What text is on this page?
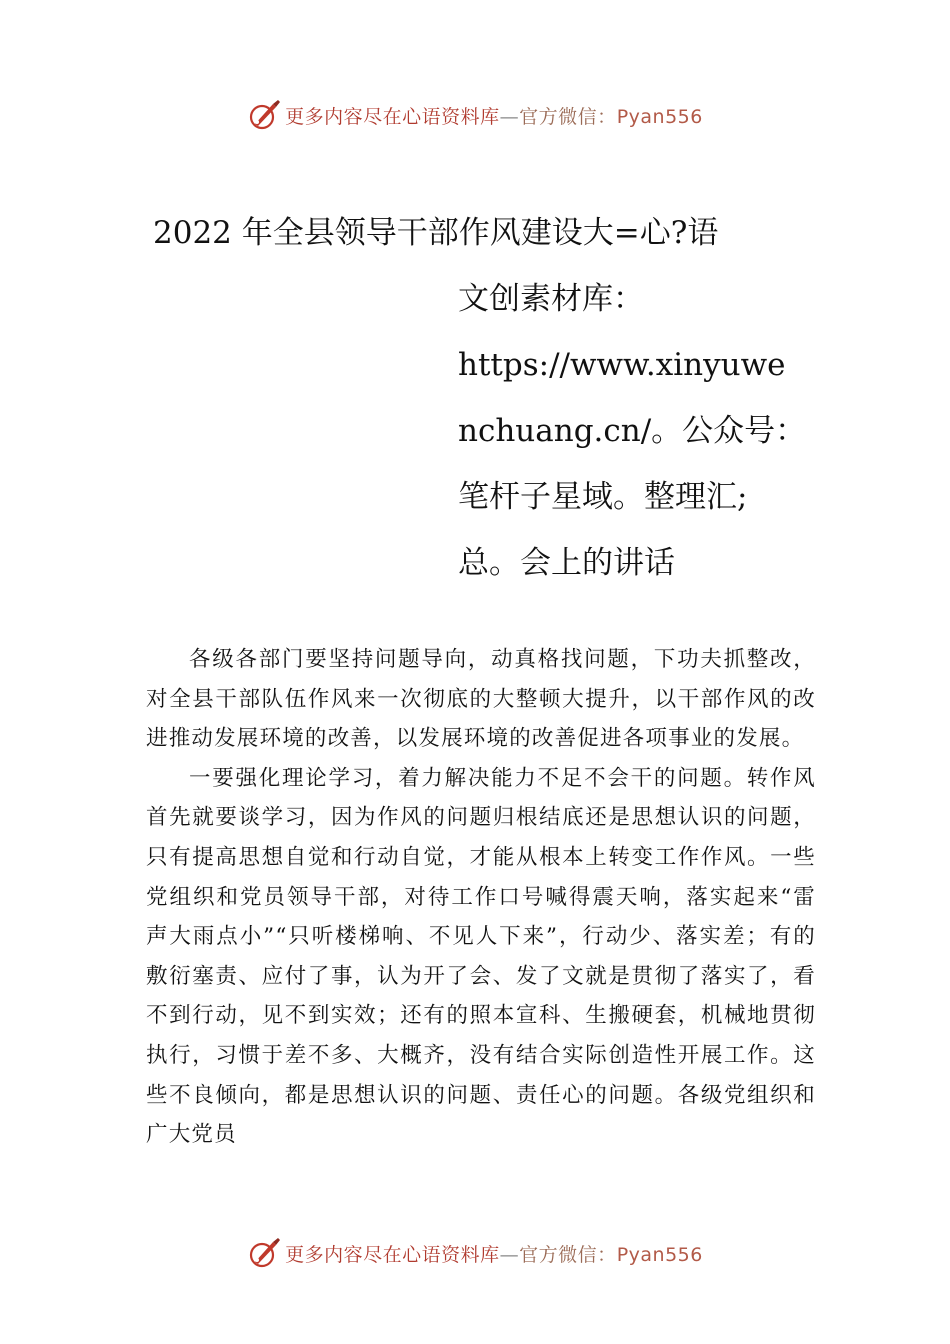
更多内容尽在心语资料库—官方微信：Pyan556
2022 年全县领导干部作风建设大=心?语
文创素材库：
https://www.xinyuwe
nchuang.cn/。公众号：
笔杆子星域。整理汇;
总。会上的讲话

各级各部门要坚持问题导向，动真格找问题，下功夫抓整改，对全县干部队伍作风来一次彻底的大整顿大提升，以干部作风的改进推动发展环境的改善，以发展环境的改善促进各项事业的发展。

一要强化理论学习，着力解决能力不足不会干的问题。转作风首先就要谈学习，因为作风的问题归根结底还是思想认识的问题，只有提高思想自觉和行动自觉，才能从根本上转变工作作风。一些党组织和党员领导干部，对待工作口号喊得震天响，落实起来“雷声大雨点小”“只听楼梯响、不见人下来”，行动少、落实差；有的敷衍塞责、应付了事，认为开了会、发了文就是贯彻了落实了，看不到行动，见不到实效；还有的照本宣科、生搬硬套，机械地贯彻执行，习惯于差不多、大概齐，没有结合实际创造性开展工作。这些不良倾向，都是思想认识的问题、责任心的问题。各级党组织和广大党员

更多内容尽在心语资料库—官方微信：Pyan556
